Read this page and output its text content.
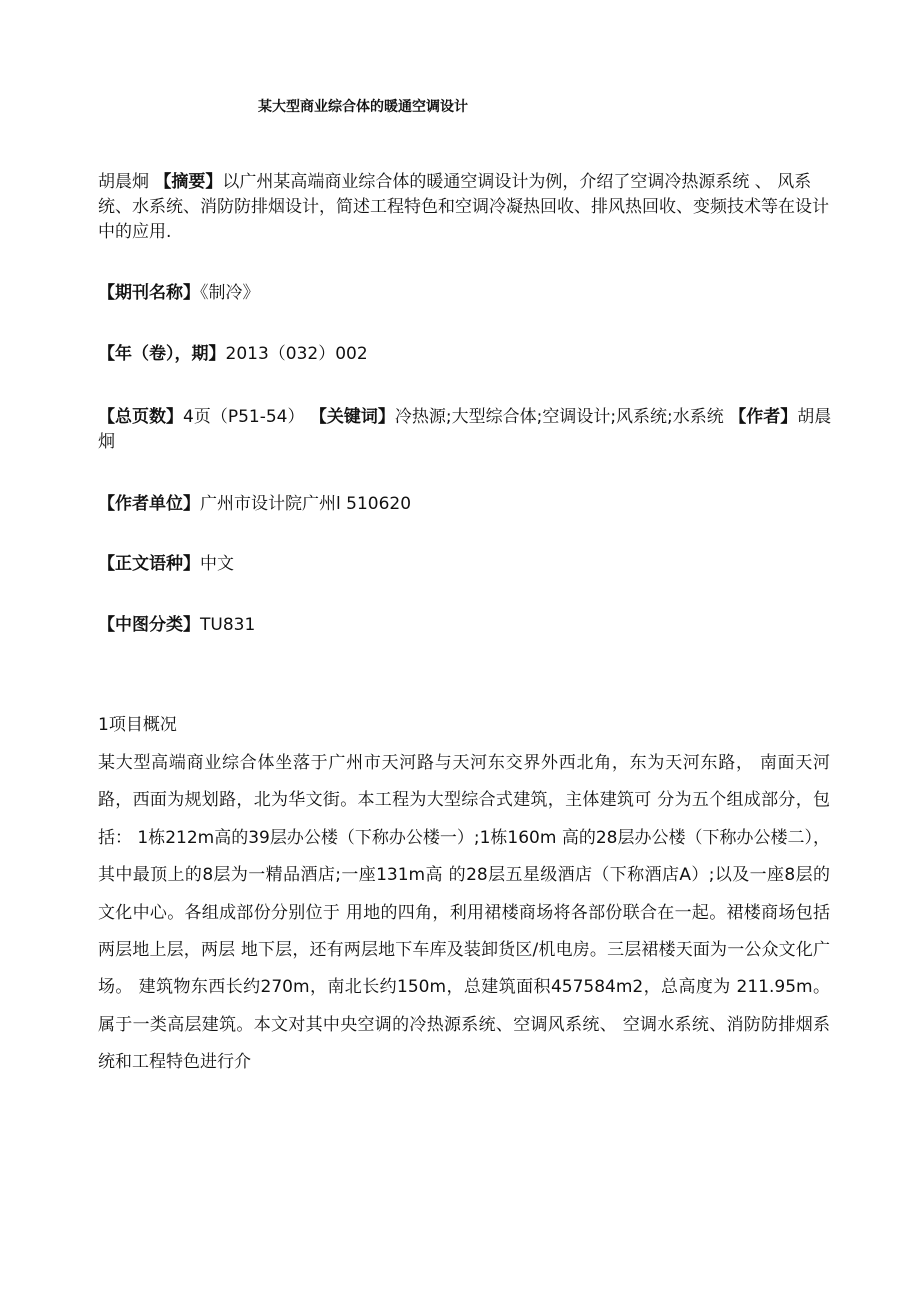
某大型商业综合体的暖通空调设计
胡晨炯 【摘要】以广州某高端商业综合体的暖通空调设计为例，介绍了空调冷热源系统 、 风系统、水系统、消防防排烟设计，简述工程特色和空调冷凝热回收、排风热回收、变频技术等在设计中的应用.
【期刊名称】《制冷》
【年（卷），期】2013（032）002
【总页数】4页（P51-54） 【关键词】冷热源;大型综合体;空调设计;风系统;水系统 【作者】胡晨炯
【作者单位】广州市设计院广州l 510620
【正文语种】中文
【中图分类】TU831
1项目概况
某大型高端商业综合体坐落于广州市天河路与天河东交界外西北角，东为天河东路， 南面天河路，西面为规划路，北为华文街。本工程为大型综合式建筑，主体建筑可 分为五个组成部分，包括： 1栋212m高的39层办公楼（下称办公楼一）;1栋160m 高的28层办公楼（下称办公楼二），其中最顶上的8层为一精品酒店;一座131m高 的28层五星级酒店（下称酒店A）;以及一座8层的文化中心。各组成部份分别位于 用地的四角，利用裙楼商场将各部份联合在一起。裙楼商场包括两层地上层，两层 地下层，还有两层地下车库及装卸货区/机电房。三层裙楼天面为一公众文化广场。 建筑物东西长约270m，南北长约150m，总建筑面积457584m2，总高度为 211.95m。属于一类高层建筑。本文对其中央空调的冷热源系统、空调风系统、 空调水系统、消防防排烟系统和工程特色进行介
